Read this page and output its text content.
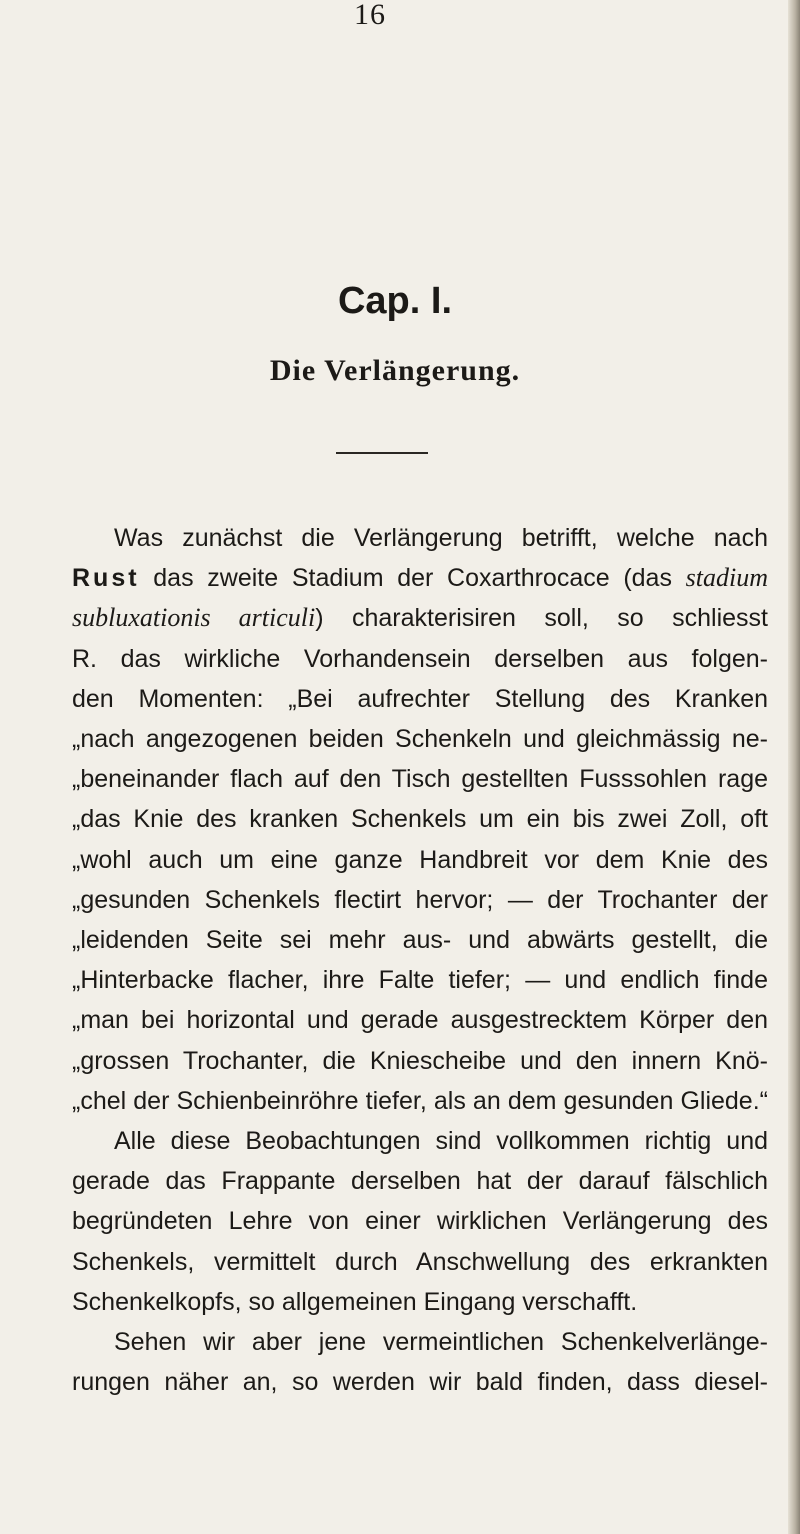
16
Cap. I.
Die Verlängerung.
Was zunächst die Verlängerung betrifft, welche nach
Rust das zweite Stadium der Coxarthrocace (das stadium
subluxationis articuli) charakterisiren soll, so schliesst
R. das wirkliche Vorhandensein derselben aus folgen-
den Momenten: „Bei aufrechter Stellung des Kranken
„nach angezogenen beiden Schenkeln und gleichmässig ne-
„beneinander flach auf den Tisch gestellten Fusssohlen rage
„das Knie des kranken Schenkels um ein bis zwei Zoll, oft
„wohl auch um eine ganze Handbreit vor dem Knie des
„gesunden Schenkels flectirt hervor; — der Trochanter der
„leidenden Seite sei mehr aus- und abwärts gestellt, die
„Hinterbacke flacher, ihre Falte tiefer; — und endlich finde
„man bei horizontal und gerade ausgestrecktem Körper den
„grossen Trochanter, die Kniescheibe und den innern Knö-
„chel der Schienbeinröhre tiefer, als an dem gesunden Gliede.“
Alle diese Beobachtungen sind vollkommen richtig und
gerade das Frappante derselben hat der darauf fälschlich
begründeten Lehre von einer wirklichen Verlängerung des
Schenkels, vermittelt durch Anschwellung des erkrankten
Schenkelkopfs, so allgemeinen Eingang verschafft.
Sehen wir aber jene vermeintlichen Schenkelverlänge-
rungen näher an, so werden wir bald finden, dass diesel-
